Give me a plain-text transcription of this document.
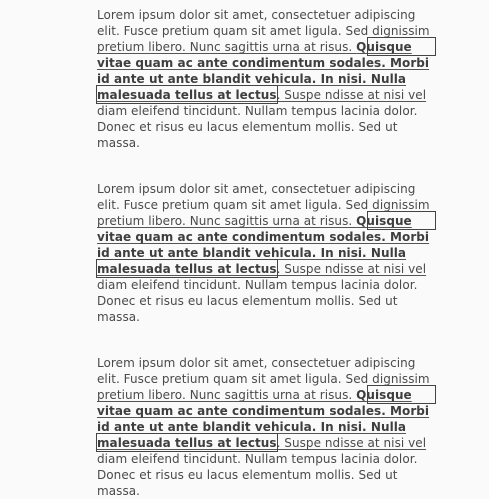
Lorem ipsum dolor sit amet, consectetuer adipiscing
elit. Fusce pretium quam sit amet ligula. Sed dignissim
pretium libero. Nunc sagittis urna at risus. Quisque
vitae quam ac ante condimentum sodales. Morbi
id ante ut ante blandit vehicula. In nisi. Nulla
malesuada tellus at lectus. Suspe ndisse at nisi vel
diam eleifend tincidunt. Nullam tempus lacinia dolor.
Donec et risus eu lacus elementum mollis. Sed ut
massa.
Lorem ipsum dolor sit amet, consectetuer adipiscing
elit. Fusce pretium quam sit amet ligula. Sed dignissim
pretium libero. Nunc sagittis urna at risus. Quisque
vitae quam ac ante condimentum sodales. Morbi
id ante ut ante blandit vehicula. In nisi. Nulla
malesuada tellus at lectus. Suspe ndisse at nisi vel
diam eleifend tincidunt. Nullam tempus lacinia dolor.
Donec et risus eu lacus elementum mollis. Sed ut
massa.
Lorem ipsum dolor sit amet, consectetuer adipiscing
elit. Fusce pretium quam sit amet ligula. Sed dignissim
pretium libero. Nunc sagittis urna at risus. Quisque
vitae quam ac ante condimentum sodales. Morbi
id ante ut ante blandit vehicula. In nisi. Nulla
malesuada tellus at lectus. Suspe ndisse at nisi vel
diam eleifend tincidunt. Nullam tempus lacinia dolor.
Donec et risus eu lacus elementum mollis. Sed ut
massa.
